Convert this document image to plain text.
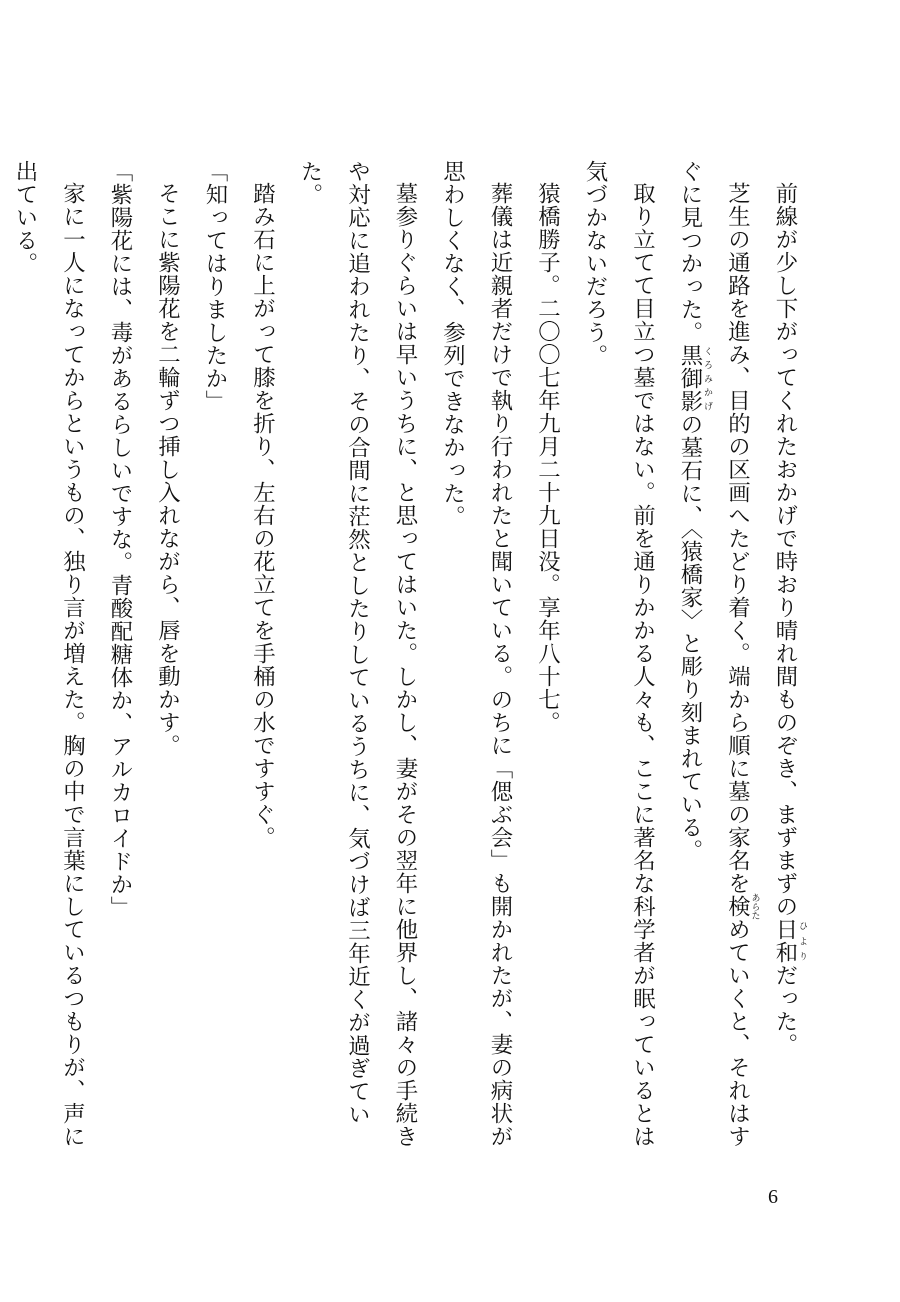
前線が少し下がってくれたおかげで時おり晴れ間ものぞき、まずまずの日和 ひよりだった。

芝生の通路を進み、目的の区画へたどり着く。端から順に墓の家名を検 あらためていくと、それはすぐに見つかった。黒御影 くろみかげの墓石に、〈猿橋家〉と彫り刻まれている。

取り立てて目立つ墓ではない。前を通りかかる人々も、ここに著名な科学者が眠っているとは気づかないだろう。

猿橋勝子。二〇〇七年九月二十九日没。享年八十七。

葬儀は近親者だけで執り行われたと聞いている。のちに「偲ぶ会」も開かれたが、妻の病状が思わしくなく、参列できなかった。

墓参りぐらいは早いうちに、と思ってはいた。しかし、妻がその翌年に他界し、諸々の手続きや対応に追われたり、その合間に茫然としたりしているうちに、気づけば三年近くが過ぎていた。

踏み石に上がって膝を折り、左右の花立てを手桶の水ですすぐ。

「知ってはりましたか」

そこに紫陽花を二輪ずつ挿し入れながら、唇を動かす。

「紫陽花には、毒があるらしいですな。青酸配糖体か、アルカロイドか」

家に一人になってからというもの、独り言が増えた。胸の中で言葉にしているつもりが、声に出ている。

6
